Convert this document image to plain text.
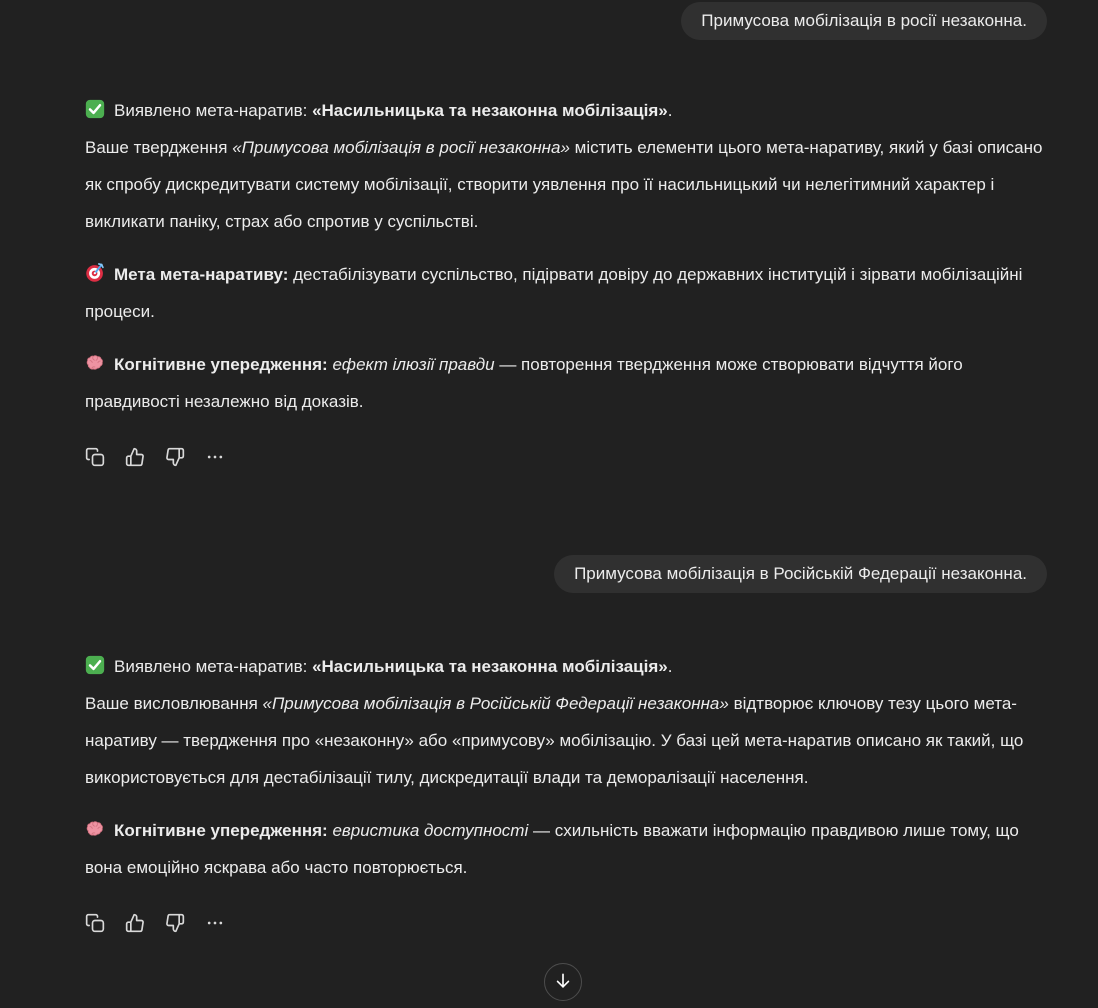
Примусова мобілізація в росії незаконна.

Виявлено мета-наратив: «Насильницька та незаконна мобілізація».

Ваше твердження «Примусова мобілізація в росії незаконна» містить елементи цього мета-наративу, який у базі описано як спробу дискредитувати систему мобілізації, створити уявлення про її насильницький чи нелегітимний характер і викликати паніку, страх або спротив у суспільстві.

Мета мета-наративу: дестабілізувати суспільство, підірвати довіру до державних інституцій і зірвати мобілізаційні процеси.

Когнітивне упередження: ефект ілюзії правди — повторення твердження може створювати відчуття його правдивості незалежно від доказів.

Примусова мобілізація в Російській Федерації незаконна.

Виявлено мета-наратив: «Насильницька та незаконна мобілізація».

Ваше висловлювання «Примусова мобілізація в Російській Федерації незаконна» відтворює ключову тезу цього мета-наративу — твердження про «незаконну» або «примусову» мобілізацію. У базі цей мета-наратив описано як такий, що використовується для дестабілізації тилу, дискредитації влади та деморалізації населення.

Когнітивне упередження: евристика доступності — схильність вважати інформацію правдивою лише тому, що вона емоційно яскрава або часто повторюється.
